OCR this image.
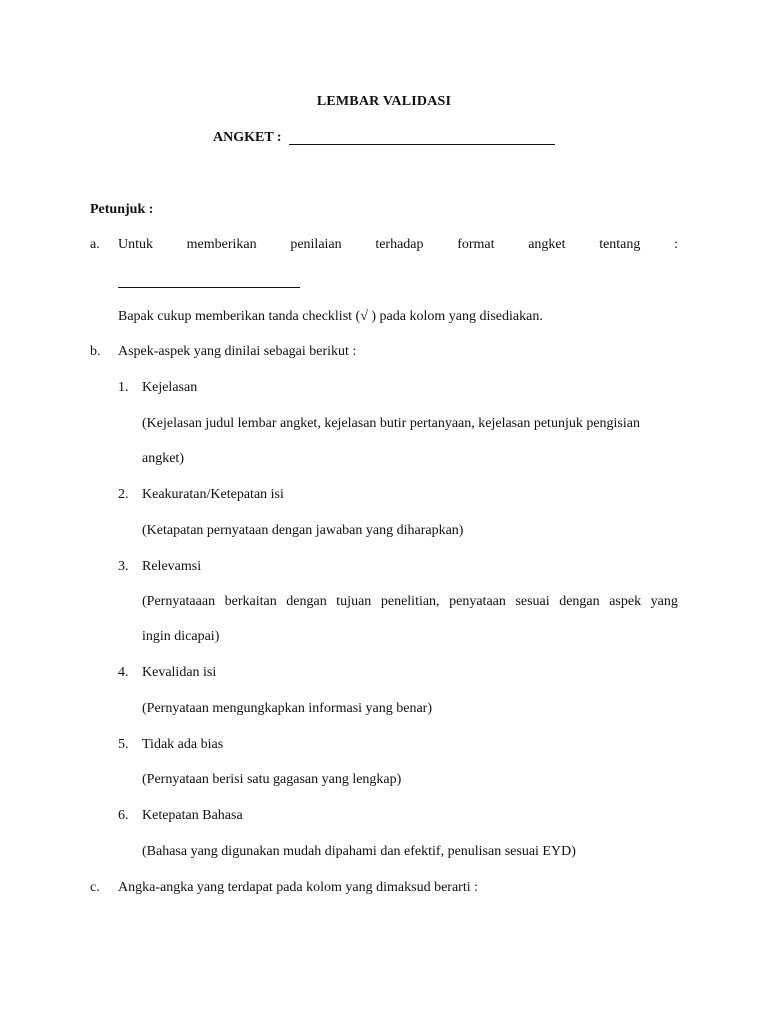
LEMBAR VALIDASI
ANGKET :
Petunjuk :
a. Untuk memberikan penilaian terhadap format angket tentang :
Bapak cukup memberikan tanda checklist (√ ) pada kolom yang disediakan.
b. Aspek-aspek yang dinilai sebagai berikut :
1. Kejelasan
(Kejelasan judul lembar angket, kejelasan butir pertanyaan, kejelasan petunjuk pengisian
angket)
2. Keakuratan/Ketepatan isi
(Ketapatan pernyataan dengan jawaban yang diharapkan)
3. Relevamsi
(Pernyataaan berkaitan dengan tujuan penelitian, penyataan sesuai dengan aspek yang
ingin dicapai)
4. Kevalidan isi
(Pernyataan mengungkapkan informasi yang benar)
5. Tidak ada bias
(Pernyataan berisi satu gagasan yang lengkap)
6. Ketepatan Bahasa
(Bahasa yang digunakan mudah dipahami dan efektif, penulisan sesuai EYD)
c. Angka-angka yang terdapat pada kolom yang dimaksud berarti :
